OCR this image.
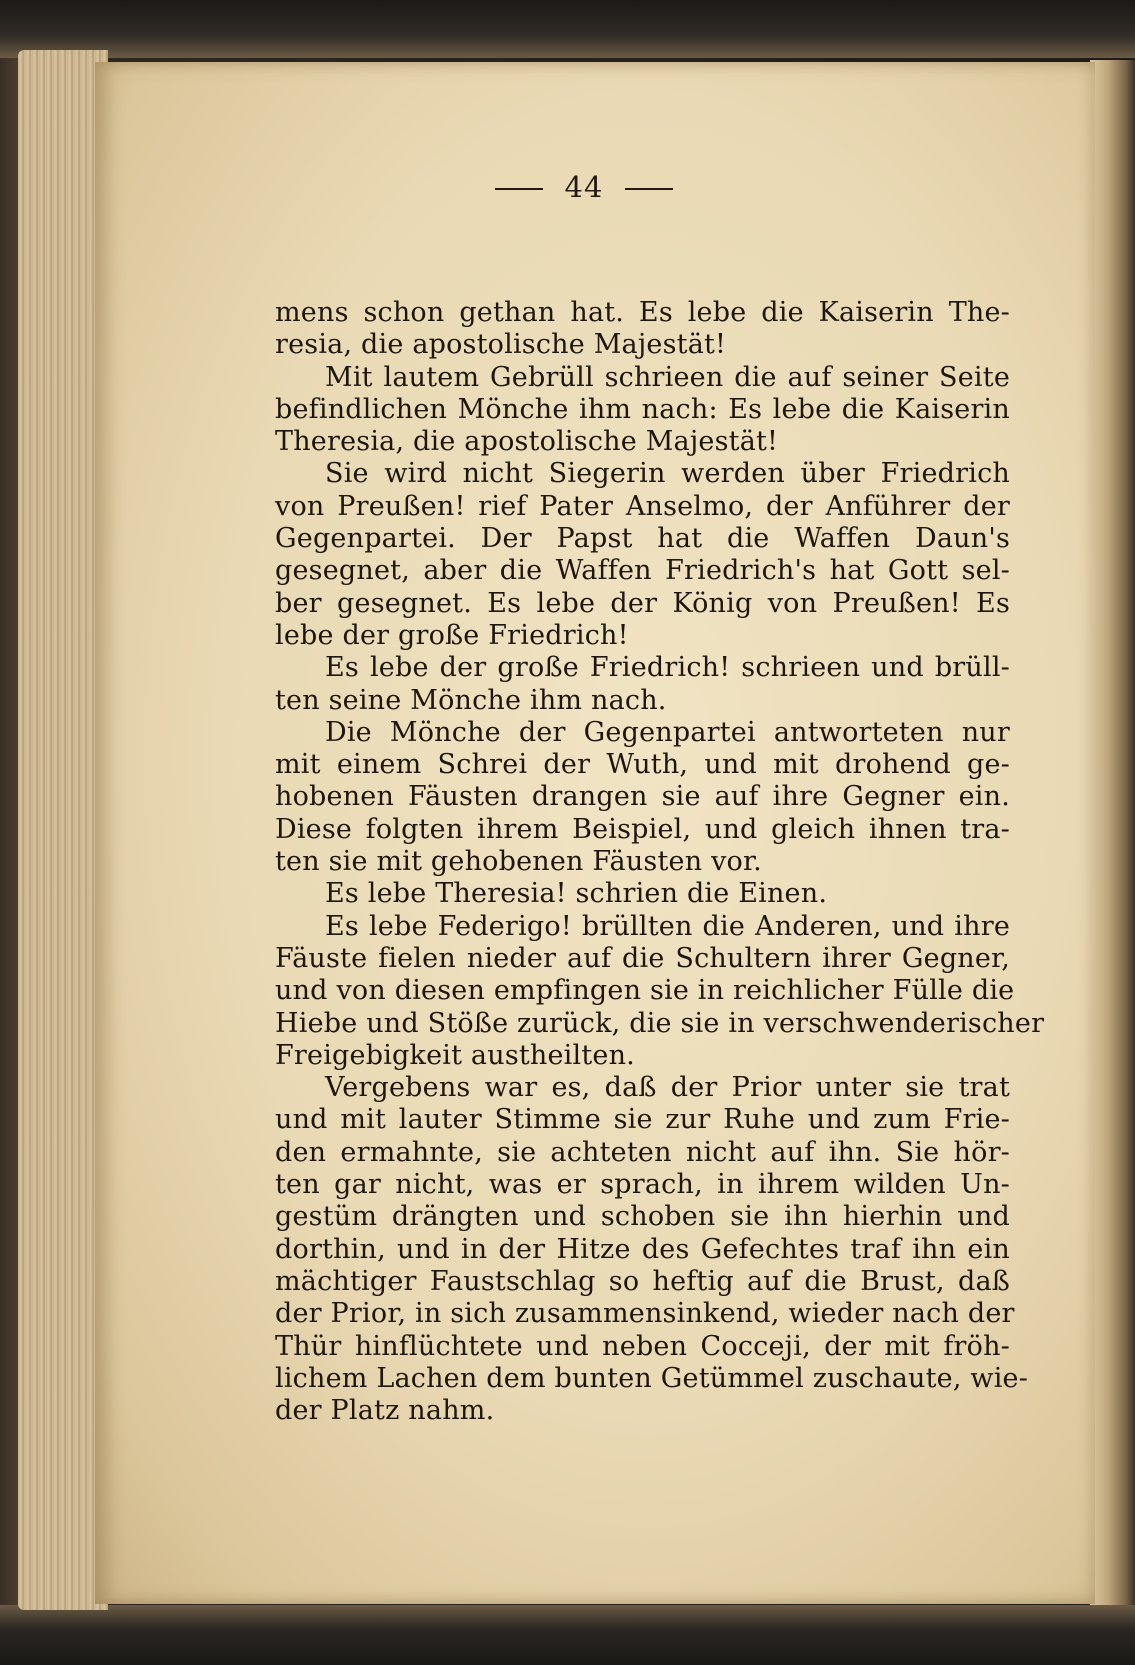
44
mens schon gethan hat. Es lebe die Kaiserin The-
resia, die apostolische Majestät!
Mit lautem Gebrüll schrieen die auf seiner Seite
befindlichen Mönche ihm nach: Es lebe die Kaiserin
Theresia, die apostolische Majestät!
Sie wird nicht Siegerin werden über Friedrich
von Preußen! rief Pater Anselmo, der Anführer der
Gegenpartei. Der Papst hat die Waffen Daun's
gesegnet, aber die Waffen Friedrich's hat Gott sel-
ber gesegnet. Es lebe der König von Preußen! Es
lebe der große Friedrich!
Es lebe der große Friedrich! schrieen und brüll-
ten seine Mönche ihm nach.
Die Mönche der Gegenpartei antworteten nur
mit einem Schrei der Wuth, und mit drohend ge-
hobenen Fäusten drangen sie auf ihre Gegner ein.
Diese folgten ihrem Beispiel, und gleich ihnen tra-
ten sie mit gehobenen Fäusten vor.
Es lebe Theresia! schrien die Einen.
Es lebe Federigo! brüllten die Anderen, und ihre
Fäuste fielen nieder auf die Schultern ihrer Gegner,
und von diesen empfingen sie in reichlicher Fülle die
Hiebe und Stöße zurück, die sie in verschwenderischer
Freigebigkeit austheilten.
Vergebens war es, daß der Prior unter sie trat
und mit lauter Stimme sie zur Ruhe und zum Frie-
den ermahnte, sie achteten nicht auf ihn. Sie hör-
ten gar nicht, was er sprach, in ihrem wilden Un-
gestüm drängten und schoben sie ihn hierhin und
dorthin, und in der Hitze des Gefechtes traf ihn ein
mächtiger Faustschlag so heftig auf die Brust, daß
der Prior, in sich zusammensinkend, wieder nach der
Thür hinflüchtete und neben Cocceji, der mit fröh-
lichem Lachen dem bunten Getümmel zuschaute, wie-
der Platz nahm.
